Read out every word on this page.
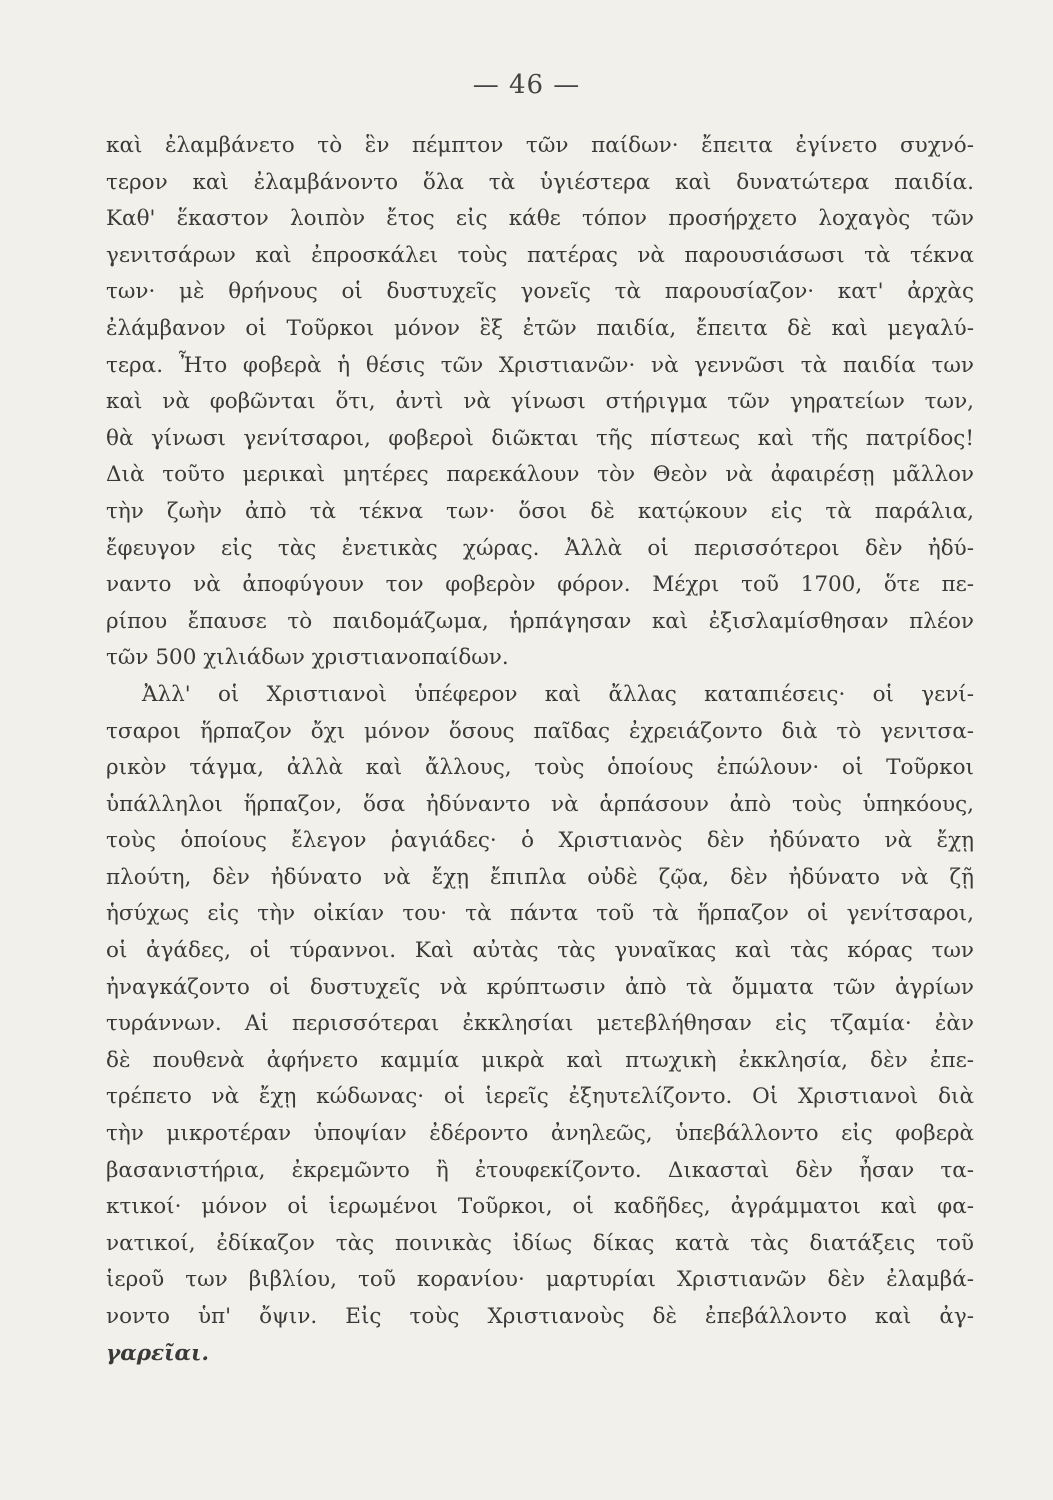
— 46 —
καὶ ἐλαμβάνετο τὸ ἓν πέμπτον τῶν παίδων· ἔπειτα ἐγίνετο συχνό-
τερον καὶ ἐλαμβάνοντο ὅλα τὰ ὑγιέστερα καὶ δυνατώτερα παιδία.
Καθ' ἕκαστον λοιπὸν ἔτος εἰς κάθε τόπον προσήρχετο λοχαγὸς τῶν
γενιτσάρων καὶ ἐπροσκάλει τοὺς πατέρας νὰ παρουσιάσωσι τὰ τέκνα
των· μὲ θρήνους οἱ δυστυχεῖς γονεῖς τὰ παρουσίαζον· κατ' ἀρχὰς
ἐλάμβανον οἱ Τοῦρκοι μόνον ἓξ ἐτῶν παιδία, ἔπειτα δὲ καὶ μεγαλύ-
τερα. Ἦτο φοβερὰ ἡ θέσις τῶν Χριστιανῶν· νὰ γεννῶσι τὰ παιδία των
καὶ νὰ φοβῶνται ὅτι, ἀντὶ νὰ γίνωσι στήριγμα τῶν γηρατείων των,
θὰ γίνωσι γενίτσαροι, φοβεροὶ διῶκται τῆς πίστεως καὶ τῆς πατρίδος!
Διὰ τοῦτο μερικαὶ μητέρες παρεκάλουν τὸν Θεὸν νὰ ἀφαιρέσῃ μᾶλλον
τὴν ζωὴν ἀπὸ τὰ τέκνα των· ὅσοι δὲ κατῴκουν εἰς τὰ παράλια,
ἔφευγον εἰς τὰς ἐνετικὰς χώρας. Ἀλλὰ οἱ περισσότεροι δὲν ἠδύ-
ναντο νὰ ἀποφύγουν τον φοβερὸν φόρον. Μέχρι τοῦ 1700, ὅτε πε-
ρίπου ἔπαυσε τὸ παιδομάζωμα, ἡρπάγησαν καὶ ἐξισλαμίσθησαν πλέον
τῶν 500 χιλιάδων χριστιανοπαίδων.
Ἀλλ' οἱ Χριστιανοὶ ὑπέφερον καὶ ἄλλας καταπιέσεις· οἱ γενί-
τσαροι ἥρπαζον ὄχι μόνον ὅσους παῖδας ἐχρειάζοντο διὰ τὸ γενιτσα-
ρικὸν τάγμα, ἀλλὰ καὶ ἄλλους, τοὺς ὁποίους ἐπώλουν· οἱ Τοῦρκοι
ὑπάλληλοι ἥρπαζον, ὅσα ἠδύναντο νὰ ἁρπάσουν ἀπὸ τοὺς ὑπηκόους,
τοὺς ὁποίους ἔλεγον ῥαγιάδες· ὁ Χριστιανὸς δὲν ἠδύνατο νὰ ἔχῃ
πλούτη, δὲν ἠδύνατο νὰ ἔχῃ ἔπιπλα οὐδὲ ζῷα, δὲν ἠδύνατο νὰ ζῇ
ἡσύχως εἰς τὴν οἰκίαν του· τὰ πάντα τοῦ τὰ ἥρπαζον οἱ γενίτσαροι,
οἱ ἀγάδες, οἱ τύραννοι. Καὶ αὐτὰς τὰς γυναῖκας καὶ τὰς κόρας των
ἠναγκάζοντο οἱ δυστυχεῖς νὰ κρύπτωσιν ἀπὸ τὰ ὄμματα τῶν ἀγρίων
τυράννων. Αἱ περισσότεραι ἐκκλησίαι μετεβλήθησαν εἰς τζαμία· ἐὰν
δὲ πουθενὰ ἀφήνετο καμμία μικρὰ καὶ πτωχικὴ ἐκκλησία, δὲν ἐπε-
τρέπετο νὰ ἔχῃ κώδωνας· οἱ ἱερεῖς ἐξηυτελίζοντο. Οἱ Χριστιανοὶ διὰ
τὴν μικροτέραν ὑποψίαν ἐδέροντο ἀνηλεῶς, ὑπεβάλλοντο εἰς φοβερὰ
βασανιστήρια, ἐκρεμῶντο ἢ ἐτουφεκίζοντο. Δικασταὶ δὲν ἦσαν τα-
κτικοί· μόνον οἱ ἱερωμένοι Τοῦρκοι, οἱ καδῆδες, ἀγράμματοι καὶ φα-
νατικοί, ἐδίκαζον τὰς ποινικὰς ἰδίως δίκας κατὰ τὰς διατάξεις τοῦ
ἱεροῦ των βιβλίου, τοῦ κορανίου· μαρτυρίαι Χριστιανῶν δὲν ἐλαμβά-
νοντο ὑπ' ὄψιν. Εἰς τοὺς Χριστιανοὺς δὲ ἐπεβάλλοντο καὶ ἀγ-
γαρεῖαι.
